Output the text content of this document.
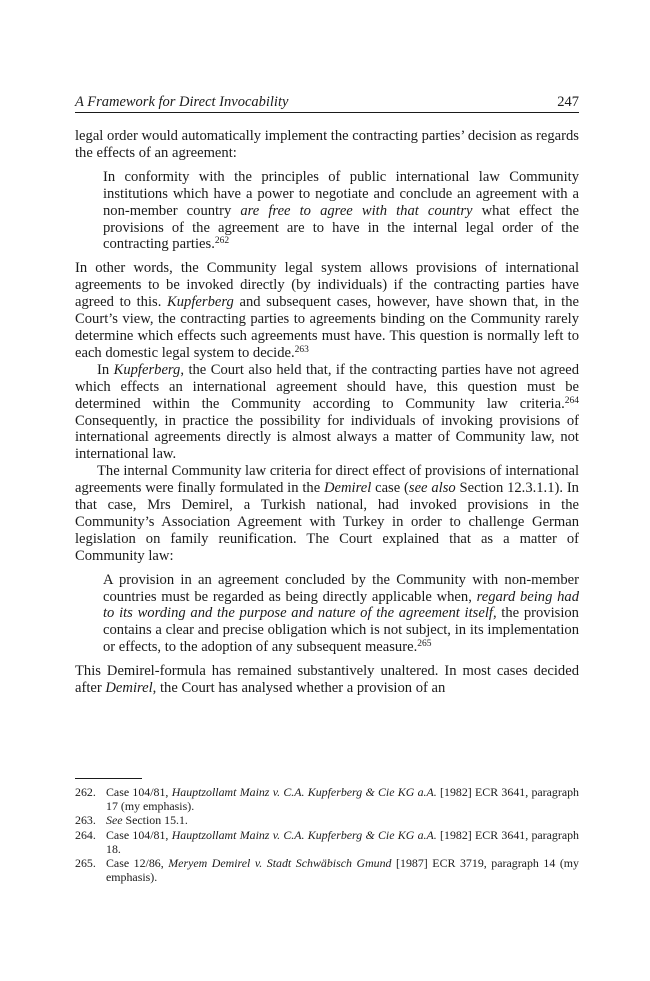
A Framework for Direct Invocability	247

legal order would automatically implement the contracting parties’ decision as regards the effects of an agreement:

In conformity with the principles of public international law Community institutions which have a power to negotiate and conclude an agreement with a non-member country are free to agree with that country what effect the provisions of the agreement are to have in the internal legal order of the contracting parties.$^{262}$

In other words, the Community legal system allows provisions of international agreements to be invoked directly (by individuals) if the contracting parties have agreed to this. Kupferberg and subsequent cases, however, have shown that, in the Court’s view, the contracting parties to agreements binding on the Community rarely determine which effects such agreements must have. This question is normally left to each domestic legal system to decide.$^{263}$

In Kupferberg, the Court also held that, if the contracting parties have not agreed which effects an international agreement should have, this question must be determined within the Community according to Community law criteria.$^{264}$ Consequently, in practice the possibility for individuals of invoking provisions of international agreements directly is almost always a matter of Community law, not international law.

The internal Community law criteria for direct effect of provisions of international agreements were finally formulated in the Demirel case (see also Section 12.3.1.1). In that case, Mrs Demirel, a Turkish national, had invoked provisions in the Community’s Association Agreement with Turkey in order to challenge German legislation on family reunification. The Court explained that as a matter of Community law:

A provision in an agreement concluded by the Community with non-member countries must be regarded as being directly applicable when, regard being had to its wording and the purpose and nature of the agreement itself, the provision contains a clear and precise obligation which is not subject, in its implementation or effects, to the adoption of any subsequent measure.$^{265}$

This Demirel-formula has remained substantively unaltered. In most cases decided after Demirel, the Court has analysed whether a provision of an

262. Case 104/81, Hauptzollamt Mainz v. C.A. Kupferberg & Cie KG a.A. [1982] ECR 3641, paragraph 17 (my emphasis).
263. See Section 15.1.
264. Case 104/81, Hauptzollamt Mainz v. C.A. Kupferberg & Cie KG a.A. [1982] ECR 3641, paragraph 18.
265. Case 12/86, Meryem Demirel v. Stadt Schwäbisch Gmund [1987] ECR 3719, paragraph 14 (my emphasis).
